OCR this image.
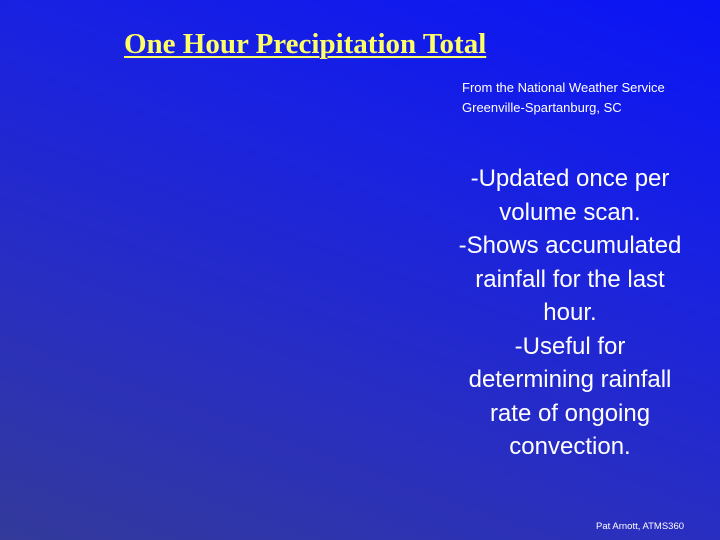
One Hour Precipitation Total
From the National Weather Service
Greenville-Spartanburg, SC
-Updated once per
volume scan.
-Shows accumulated
rainfall for the last
hour.
-Useful for
determining rainfall
rate of ongoing
convection.
Pat Arnott, ATMS360
